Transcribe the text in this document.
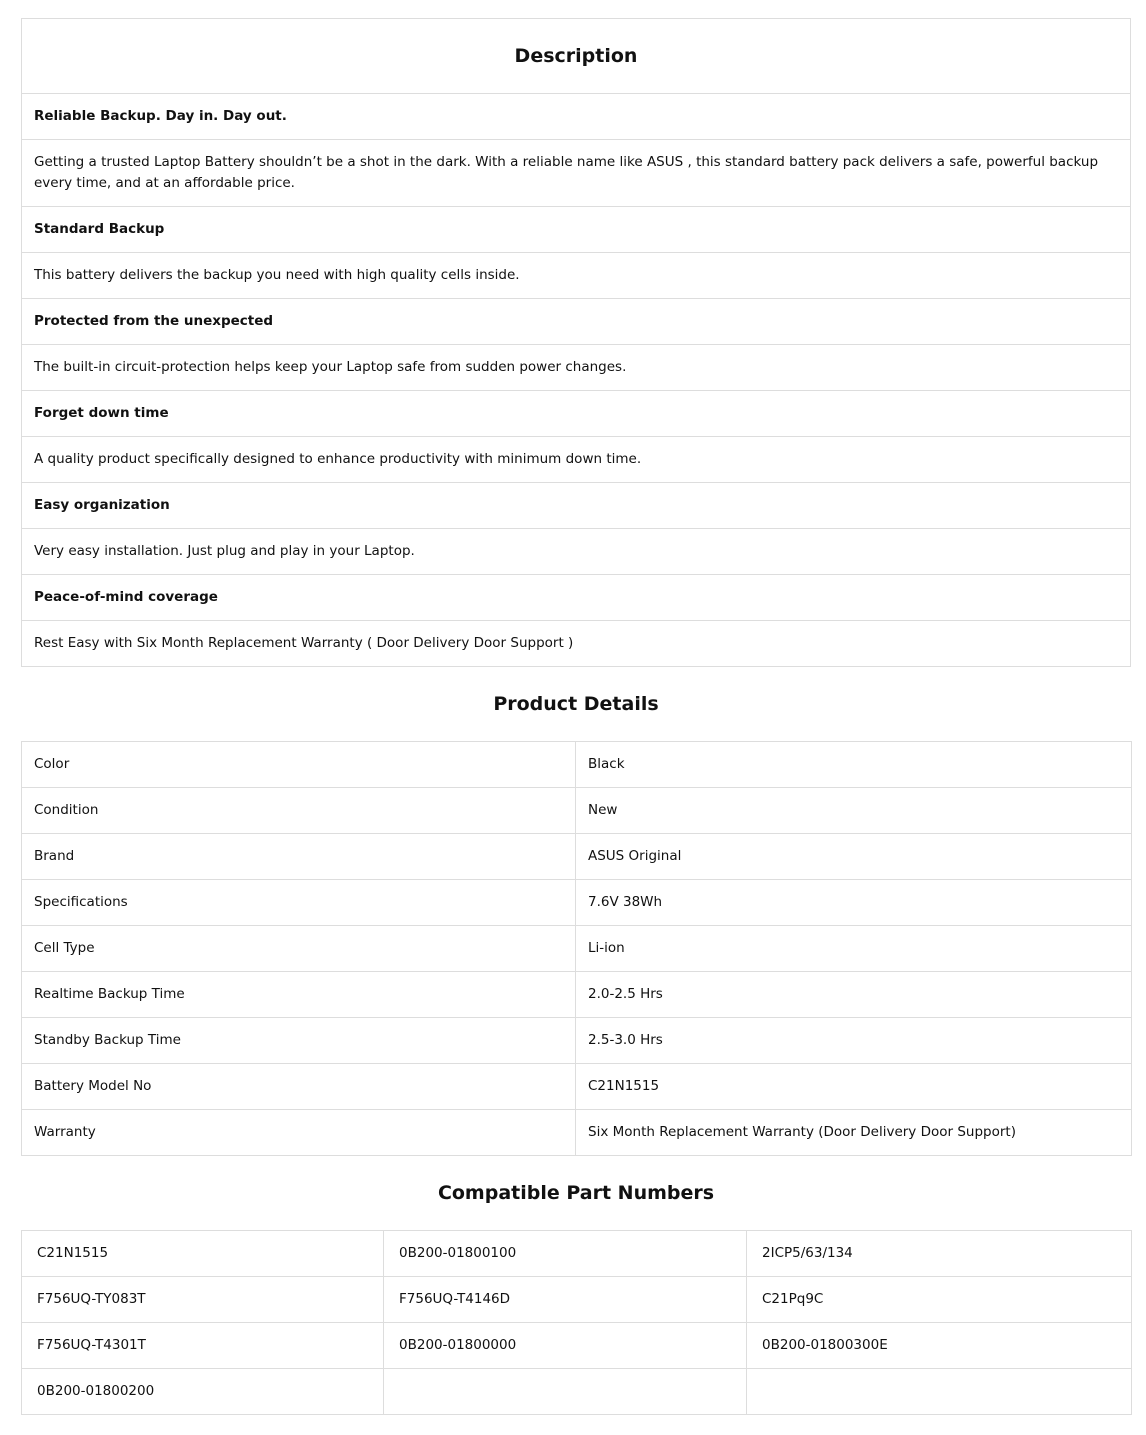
Description
Reliable Backup. Day in. Day out.
Getting a trusted Laptop Battery shouldn’t be a shot in the dark. With a reliable name like ASUS , this standard battery pack delivers a safe, powerful backup every time, and at an affordable price.
Standard Backup
This battery delivers the backup you need with high quality cells inside.
Protected from the unexpected
The built-in circuit-protection helps keep your Laptop safe from sudden power changes.
Forget down time
A quality product specifically designed to enhance productivity with minimum down time.
Easy organization
Very easy installation. Just plug and play in your Laptop.
Peace-of-mind coverage
Rest Easy with Six Month Replacement Warranty ( Door Delivery Door Support )
Product Details
Color	Black
Condition	New
Brand	ASUS Original
Specifications	7.6V 38Wh
Cell Type	Li-ion
Realtime Backup Time	2.0-2.5 Hrs
Standby Backup Time	2.5-3.0 Hrs
Battery Model No	C21N1515
Warranty	Six Month Replacement Warranty (Door Delivery Door Support)
Compatible Part Numbers
C21N1515	0B200-01800100	2ICP5/63/134
F756UQ-TY083T	F756UQ-T4146D	C21Pq9C
F756UQ-T4301T	0B200-01800000	0B200-01800300E
0B200-01800200		
